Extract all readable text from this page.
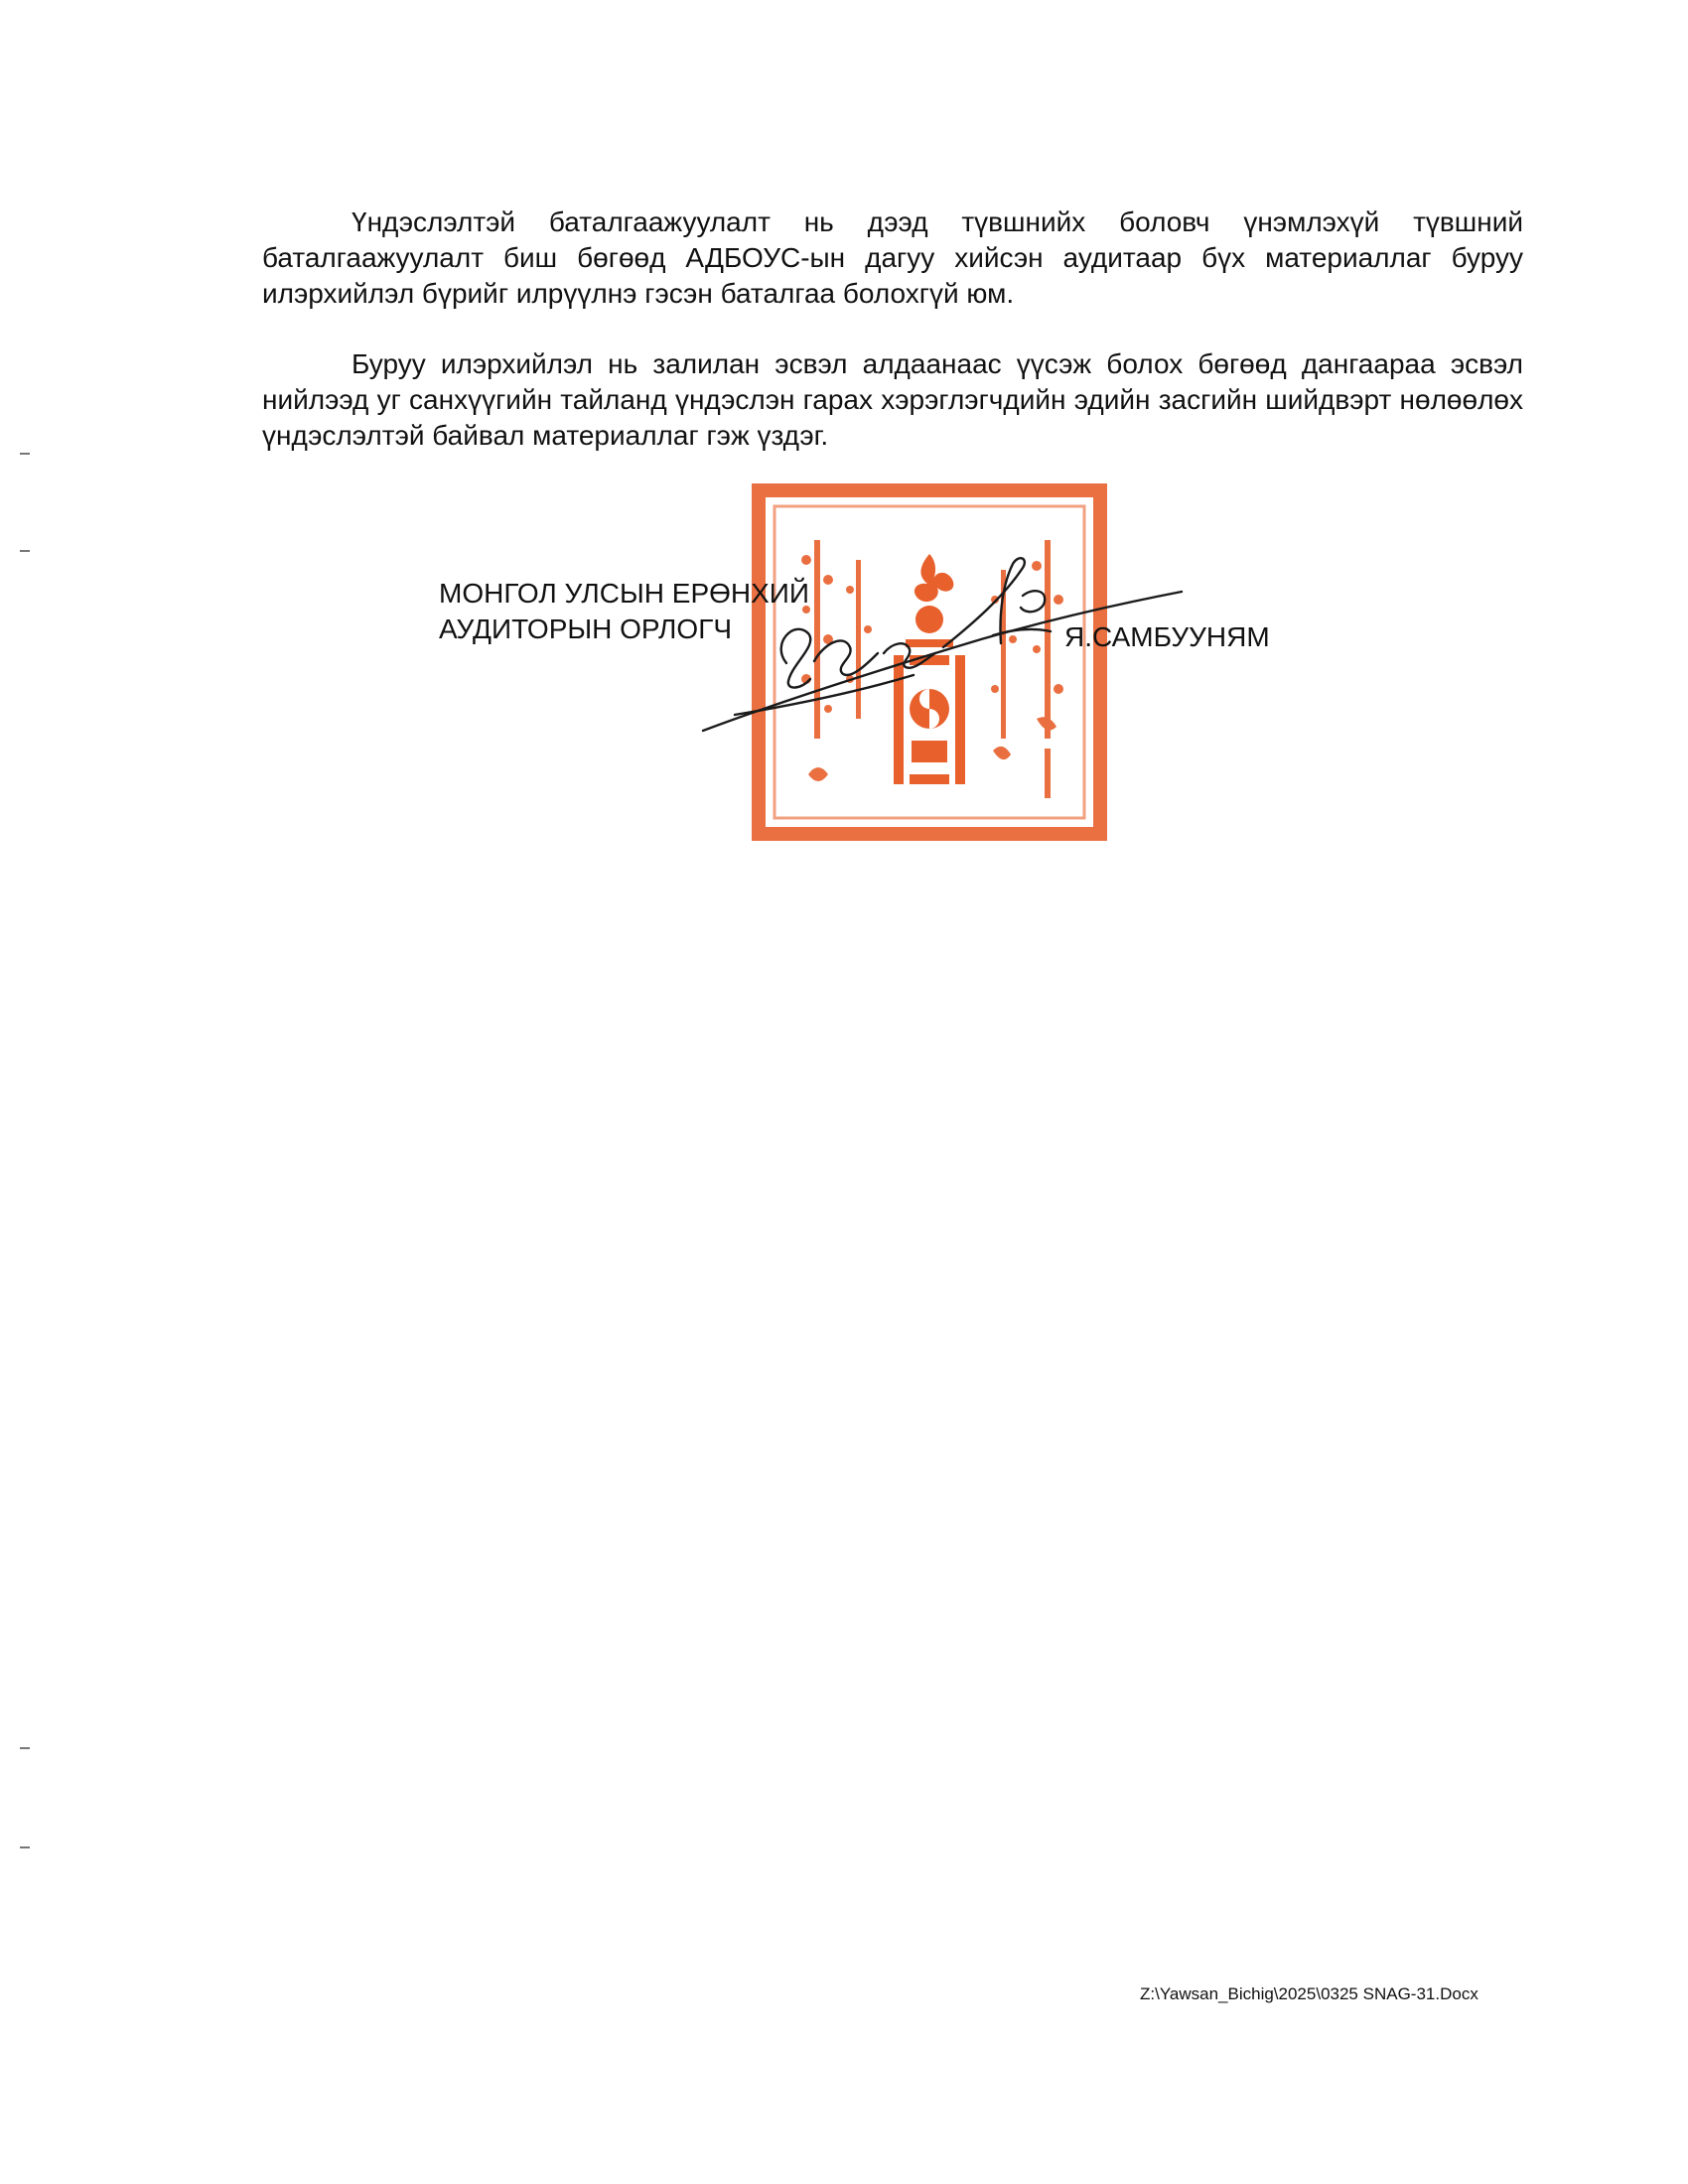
Үндэслэлтэй баталгаажуулалт нь дээд түвшнийх боловч үнэмлэхүй түвшний баталгаажуулалт биш бөгөөд АДБОУС-ын дагуу хийсэн аудитаар бүх материаллаг буруу илэрхийлэл бүрийг илрүүлнэ гэсэн баталгаа болохгүй юм.

Буруу илэрхийлэл нь залилан эсвэл алдаанаас үүсэж болох бөгөөд дангаараа эсвэл нийлээд уг санхүүгийн тайланд үндэслэн гарах хэрэглэгчдийн эдийн засгийн шийдвэрт нөлөөлөх үндэслэлтэй байвал материаллаг гэж үздэг.

МОНГОЛ УЛСЫН ЕРӨНХИЙ
АУДИТОРЫН ОРЛОГЧ	Я.САМБУУНЯМ
Z:\Yawsan_Bichig\2025\0325 SNAG-31.Docx
